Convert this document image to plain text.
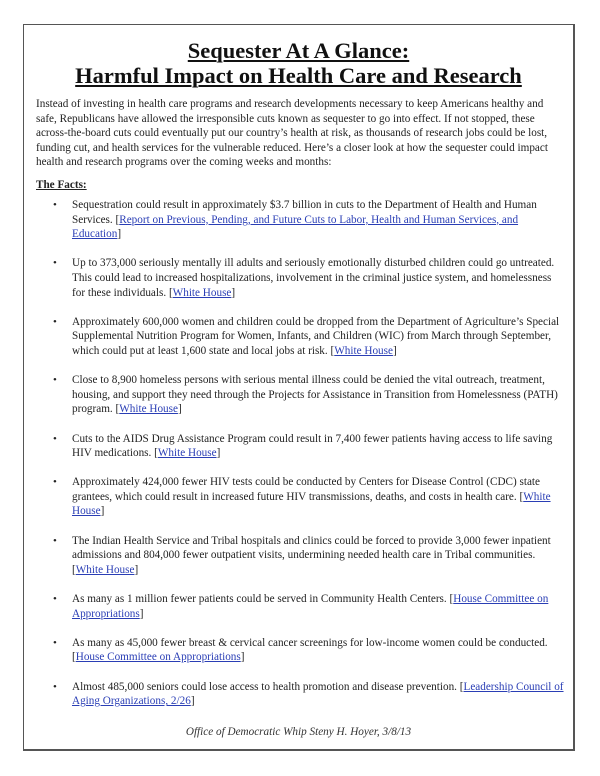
Sequester At A Glance:
Harmful Impact on Health Care and Research
Instead of investing in health care programs and research developments necessary to keep Americans healthy and safe, Republicans have allowed the irresponsible cuts known as sequester to go into effect. If not stopped, these across-the-board cuts could eventually put our country’s health at risk, as thousands of research jobs could be lost, funding cut, and health services for the vulnerable reduced. Here’s a closer look at how the sequester could impact health and research programs over the coming weeks and months:
The Facts:
• Sequestration could result in approximately $3.7 billion in cuts to the Department of Health and Human Services. [Report on Previous, Pending, and Future Cuts to Labor, Health and Human Services, and Education]
• Up to 373,000 seriously mentally ill adults and seriously emotionally disturbed children could go untreated. This could lead to increased hospitalizations, involvement in the criminal justice system, and homelessness for these individuals. [White House]
• Approximately 600,000 women and children could be dropped from the Department of Agriculture’s Special Supplemental Nutrition Program for Women, Infants, and Children (WIC) from March through September, which could put at least 1,600 state and local jobs at risk. [White House]
• Close to 8,900 homeless persons with serious mental illness could be denied the vital outreach, treatment, housing, and support they need through the Projects for Assistance in Transition from Homelessness (PATH) program. [White House]
• Cuts to the AIDS Drug Assistance Program could result in 7,400 fewer patients having access to life saving HIV medications. [White House]
• Approximately 424,000 fewer HIV tests could be conducted by Centers for Disease Control (CDC) state grantees, which could result in increased future HIV transmissions, deaths, and costs in health care. [White House]
• The Indian Health Service and Tribal hospitals and clinics could be forced to provide 3,000 fewer inpatient admissions and 804,000 fewer outpatient visits, undermining needed health care in Tribal communities. [White House]
• As many as 1 million fewer patients could be served in Community Health Centers. [House Committee on Appropriations]
• As many as 45,000 fewer breast & cervical cancer screenings for low-income women could be conducted. [House Committee on Appropriations]
• Almost 485,000 seniors could lose access to health promotion and disease prevention. [Leadership Council of Aging Organizations, 2/26]
Office of Democratic Whip Steny H. Hoyer, 3/8/13
